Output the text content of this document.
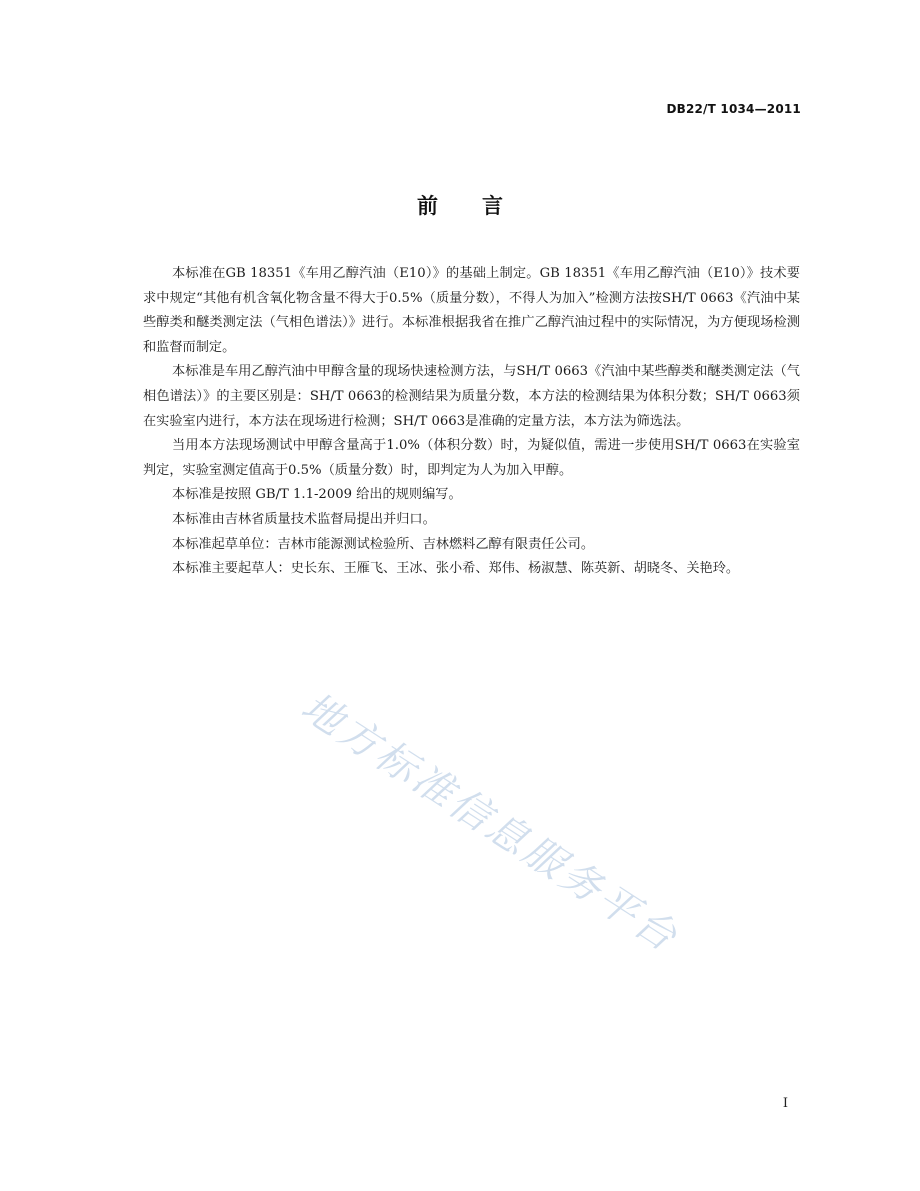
DB22/T 1034—2011
前 言

本标准在GB 18351《车用乙醇汽油（E10）》的基础上制定。GB 18351《车用乙醇汽油（E10）》技术要求中规定“其他有机含氧化物含量不得大于0.5%（质量分数），不得人为加入”检测方法按SH/T 0663《汽油中某些醇类和醚类测定法（气相色谱法）》进行。本标准根据我省在推广乙醇汽油过程中的实际情况，为方便现场检测和监督而制定。

本标准是车用乙醇汽油中甲醇含量的现场快速检测方法，与SH/T 0663《汽油中某些醇类和醚类测定法（气相色谱法）》的主要区别是：SH/T 0663的检测结果为质量分数，本方法的检测结果为体积分数；SH/T 0663须在实验室内进行，本方法在现场进行检测；SH/T 0663是准确的定量方法，本方法为筛选法。

当用本方法现场测试中甲醇含量高于1.0%（体积分数）时，为疑似值，需进一步使用SH/T 0663在实验室判定，实验室测定值高于0.5%（质量分数）时，即判定为人为加入甲醇。

本标准是按照 GB/T 1.1-2009 给出的规则编写。

本标准由吉林省质量技术监督局提出并归口。

本标准起草单位：吉林市能源测试检验所、吉林燃料乙醇有限责任公司。

本标准主要起草人：史长东、王雁飞、王冰、张小希、郑伟、杨淑慧、陈英新、胡晓冬、关艳玲。

地方标准信息服务平台
I
